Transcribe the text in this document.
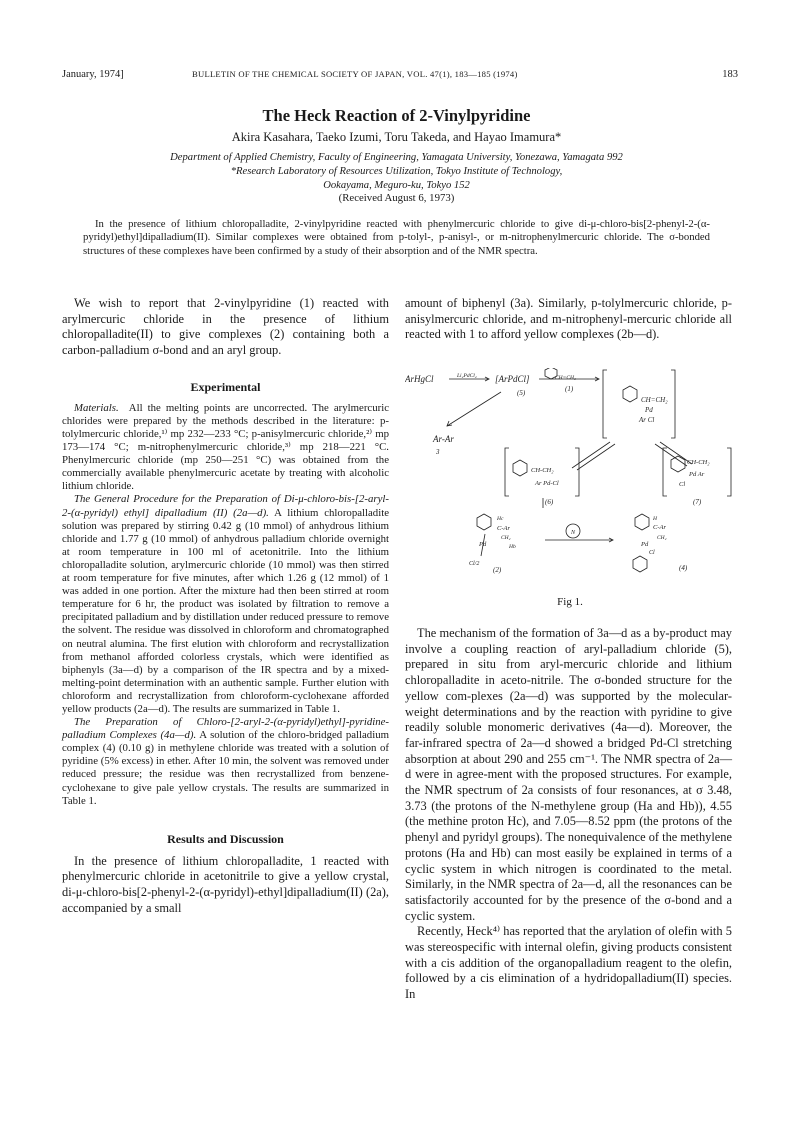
January, 1974]	BULLETIN OF THE CHEMICAL SOCIETY OF JAPAN, VOL. 47(1), 183—185 (1974)	183
The Heck Reaction of 2-Vinylpyridine
Akira Kasahara, Taeko Izumi, Toru Takeda, and Hayao Imamura*
Department of Applied Chemistry, Faculty of Engineering, Yamagata University, Yonezawa, Yamagata 992
*Research Laboratory of Resources Utilization, Tokyo Institute of Technology,
Ookayama, Meguro-ku, Tokyo 152
(Received August 6, 1973)
In the presence of lithium chloropalladite, 2-vinylpyridine reacted with phenylmercuric chloride to give di-μ-chloro-bis[2-phenyl-2-(α-pyridyl)ethyl]dipalladium(II). Similar complexes were obtained from p-tolyl-, p-anisyl-, or m-nitrophenylmercuric chloride. The σ-bonded structures of these complexes have been confirmed by a study of their absorption and of the NMR spectra.

We wish to report that 2-vinylpyridine (1) reacted with arylmercuric chloride in the presence of lithium chloropalladite(II) to give complexes (2) containing both a carbon-palladium σ-bond and an aryl group.

Experimental

Materials. All the melting points are uncorrected. The arylmercuric chlorides were prepared by the methods described in the literature: p-tolylmercuric chloride,¹⁾ mp 232—233 °C; p-anisylmercuric chloride,²⁾ mp 173—174 °C; m-nitrophenylmercuric chloride,³⁾ mp 218—221 °C. Phenylmercuric chloride (mp 250—251 °C) was obtained from the commercially available phenylmercuric acetate by treating with alcoholic lithium chloride.

The General Procedure for the Preparation of Di-μ-chloro-bis-[2-aryl-2-(α-pyridyl) ethyl] dipalladium (II) (2a—d). A lithium chloropalladite solution was prepared by stirring 0.42 g (10 mmol) of anhydrous lithium chloride and 1.77 g (10 mmol) of anhydrous palladium chloride overnight at room temperature in 100 ml of acetonitrile. Into the lithium chloropalladite solution, arylmercuric chloride (10 mmol) was then stirred at room temperature for five minutes, after which 1.26 g (12 mmol) of 1 was added in one portion. After the mixture had then been stirred at room temperature for 6 hr, the product was isolated by filtration to remove a precipitated palladium and by distillation under reduced pressure to remove the solvent. The residue was dissolved in chloroform and chromatographed on neutral alumina. The first elution with chloroform and recrystallization from methanol afforded colorless crystals, which were identified as biphenyls (3a—d) by a comparison of the IR spectra and by a mixed-melting-point determination with an authentic sample. Further elution with chloroform and recrystallization from chloroform-cyclohexane afforded yellow products (2a—d). The results are summarized in Table 1.

The Preparation of Chloro-[2-aryl-2-(α-pyridyl)ethyl]-pyridine-palladium Complexes (4a—d). A solution of the chloro-bridged palladium complex (4) (0.10 g) in methylene chloride was treated with a solution of pyridine (5% excess) in ether. After 10 min, the solvent was removed under reduced pressure; the residue was then recrystallized from benzene-cyclohexane to give pale yellow crystals. The results are summarized in Table 1.

Results and Discussion

In the presence of lithium chloropalladite, 1 reacted with phenylmercuric chloride in acetonitrile to give a yellow crystal, di-μ-chloro-bis[2-phenyl-2-(α-pyridyl)-ethyl]dipalladium(II) (2a), accompanied by a small

amount of biphenyl (3a). Similarly, p-tolylmercuric chloride, p-anisylmercuric chloride, and m-nitrophenyl-mercuric chloride all reacted with 1 to afford yellow complexes (2b—d).

ArHgCl	Li₂PdCl₄ [ArPdCl]
(5)
CH=CH₂
(1)
Ar-Ar
3
CH=CH₂
Pd
Ar Cl
CH-CH₂
Ar Pd-Cl
(6)
CH-CH₂
Pd Ar
Cl
(7)
Hc
C-Ar
CH₂
Pd	Hb
Cl/2
(2)
N
H
C-Ar
CH₂
Pd
Cl
(4)
Fig 1.

The mechanism of the formation of 3a—d as a by-product may involve a coupling reaction of aryl-palladium chloride (5), prepared in situ from aryl-mercuric chloride and lithium chloropalladite in aceto-nitrile. The σ-bonded structure for the yellow com-plexes (2a—d) was supported by the molecular-weight determinations and by the reaction with pyridine to give readily soluble monomeric derivatives (4a—d). Moreover, the far-infrared spectra of 2a—d showed a bridged Pd-Cl stretching absorption at about 290 and 255 cm⁻¹. The NMR spectra of 2a—d were in agree-ment with the proposed structures. For example, the NMR spectrum of 2a consists of four resonances, at σ 3.48, 3.73 (the protons of the N-methylene group (Ha and Hb)), 4.55 (the methine proton Hc), and 7.05—8.52 ppm (the protons of the phenyl and pyridyl groups). The nonequivalence of the methylene protons (Ha and Hb) can most easily be explained in terms of a cyclic system in which nitrogen is coordinated to the metal. Similarly, in the NMR spectra of 2a—d, all the resonances can be satisfactorily accounted for by the presence of the σ-bond and a cyclic system.

Recently, Heck⁴⁾ has reported that the arylation of olefin with 5 was stereospecific with internal olefin, giving products consistent with a cis addition of the organopalladium reagent to the olefin, followed by a cis elimination of a hydridopalladium(II) species. In
